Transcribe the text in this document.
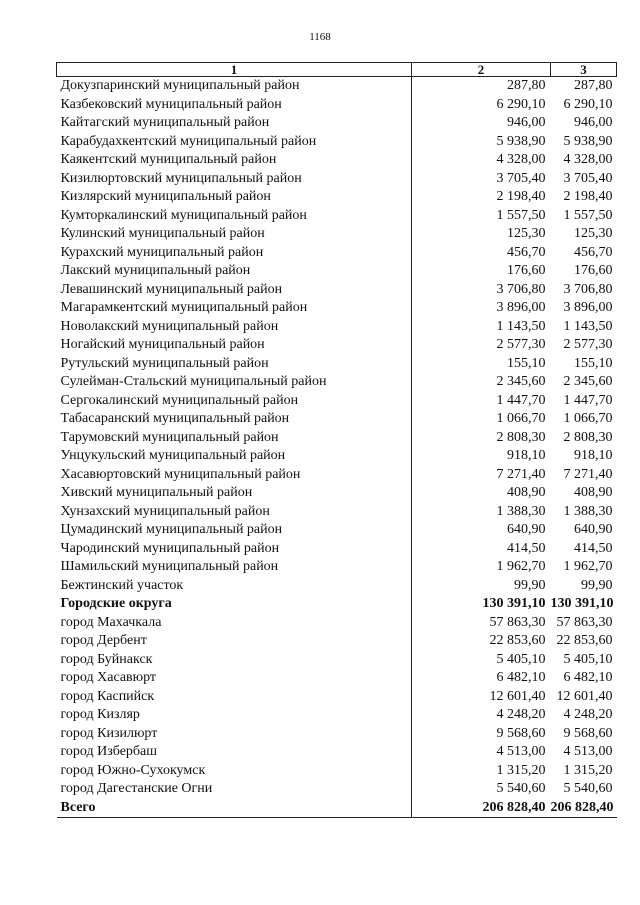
1168
1	2	3
Докузпаринский муниципальный район	287,80	287,80
Казбековский муниципальный район	6 290,10	6 290,10
Кайтагский муниципальный район	946,00	946,00
Карабудахкентский муниципальный район	5 938,90	5 938,90
Каякентский муниципальный район	4 328,00	4 328,00
Кизилюртовский муниципальный район	3 705,40	3 705,40
Кизлярский муниципальный район	2 198,40	2 198,40
Кумторкалинский муниципальный район	1 557,50	1 557,50
Кулинский муниципальный район	125,30	125,30
Курахский муниципальный район	456,70	456,70
Лакский муниципальный район	176,60	176,60
Левашинский муниципальный район	3 706,80	3 706,80
Магарамкентский муниципальный район	3 896,00	3 896,00
Новолакский муниципальный район	1 143,50	1 143,50
Ногайский муниципальный район	2 577,30	2 577,30
Рутульский муниципальный район	155,10	155,10
Сулейман-Стальский муниципальный район	2 345,60	2 345,60
Сергокалинский муниципальный район	1 447,70	1 447,70
Табасаранский муниципальный район	1 066,70	1 066,70
Тарумовский муниципальный район	2 808,30	2 808,30
Унцукульский муниципальный район	918,10	918,10
Хасавюртовский муниципальный район	7 271,40	7 271,40
Хивский муниципальный район	408,90	408,90
Хунзахский муниципальный район	1 388,30	1 388,30
Цумадинский муниципальный район	640,90	640,90
Чародинский муниципальный район	414,50	414,50
Шамильский муниципальный район	1 962,70	1 962,70
Бежтинский участок	99,90	99,90
Городские округа	130 391,10	130 391,10
город Махачкала	57 863,30	57 863,30
город Дербент	22 853,60	22 853,60
город Буйнакск	5 405,10	5 405,10
город Хасавюрт	6 482,10	6 482,10
город Каспийск	12 601,40	12 601,40
город Кизляр	4 248,20	4 248,20
город Кизилюрт	9 568,60	9 568,60
город Избербаш	4 513,00	4 513,00
город Южно-Сухокумск	1 315,20	1 315,20
город Дагестанские Огни	5 540,60	5 540,60
Всего	206 828,40	206 828,40
